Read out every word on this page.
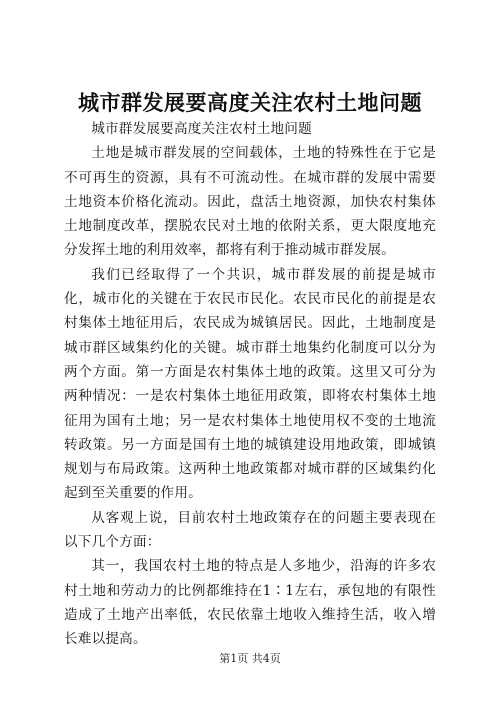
城市群发展要高度关注农村土地问题

城市群发展要高度关注农村土地问题

土地是城市群发展的空间载体，土地的特殊性在于它是不可再生的资源，具有不可流动性。在城市群的发展中需要土地资本价格化流动。因此，盘活土地资源，加快农村集体土地制度改革，摆脱农民对土地的依附关系，更大限度地充分发挥土地的利用效率，都将有利于推动城市群发展。

我们已经取得了一个共识，城市群发展的前提是城市化，城市化的关键在于农民市民化。农民市民化的前提是农村集体土地征用后，农民成为城镇居民。因此，土地制度是城市群区域集约化的关键。城市群土地集约化制度可以分为两个方面。第一方面是农村集体土地的政策。这里又可分为两种情况：一是农村集体土地征用政策，即将农村集体土地征用为国有土地；另一是农村集体土地使用权不变的土地流转政策。另一方面是国有土地的城镇建设用地政策，即城镇规划与布局政策。这两种土地政策都对城市群的区域集约化起到至关重要的作用。

从客观上说，目前农村土地政策存在的问题主要表现在以下几个方面：

其一，我国农村土地的特点是人多地少，沿海的许多农村土地和劳动力的比例都维持在1∶1左右，承包地的有限性造成了土地产出率低，农民依靠土地收入维持生活，收入增长难以提高。

第1页 共4页
